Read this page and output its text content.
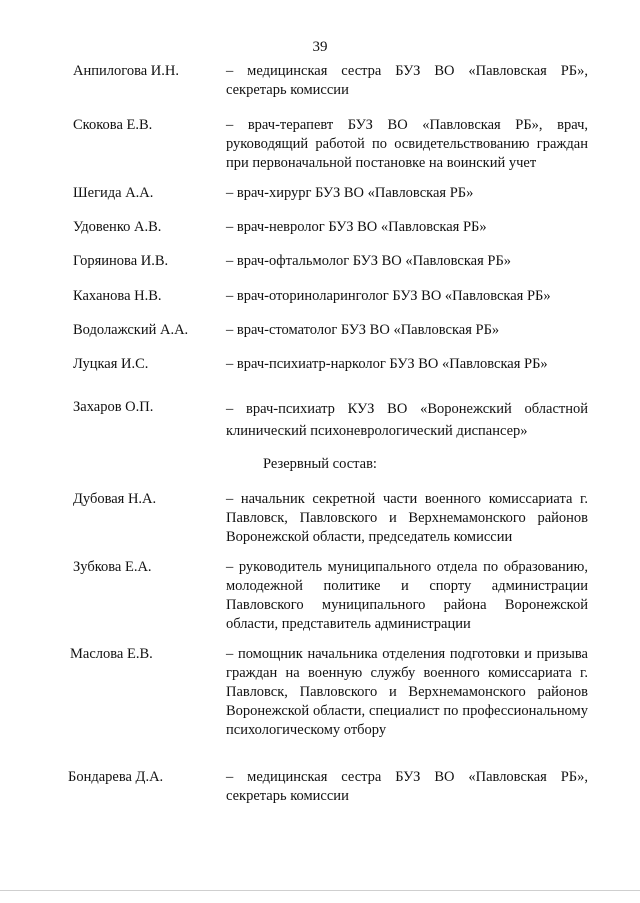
39
Анпилогова И.Н.	– медицинская сестра БУЗ ВО «Павловская РБ», секретарь комиссии
Скокова Е.В.	– врач-терапевт БУЗ ВО «Павловская РБ», врач, руководящий работой по освидетельствованию граждан при первоначальной постановке на воинский учет
Шегида А.А.	– врач-хирург БУЗ ВО «Павловская РБ»
Удовенко А.В.	– врач-невролог БУЗ ВО «Павловская РБ»
Горяинова И.В.	– врач-офтальмолог БУЗ ВО «Павловская РБ»
Каханова Н.В.	– врач-оториноларинголог БУЗ ВО «Павловская РБ»
Водолажский А.А.	– врач-стоматолог БУЗ ВО «Павловская РБ»
Луцкая И.С.	– врач-психиатр-нарколог БУЗ ВО «Павловская РБ»
Захаров О.П.	– врач-психиатр КУЗ ВО «Воронежский областной клинический психоневрологический диспансер»
Резервный состав:
Дубовая Н.А.	– начальник секретной части военного комиссариата г. Павловск, Павловского и Верхнемамонского районов Воронежской области, председатель комиссии
Зубкова Е.А.	– руководитель муниципального отдела по образованию, молодежной политике и спорту администрации Павловского муниципального района Воронежской области, представитель администрации
Маслова Е.В.	– помощник начальника отделения подготовки и призыва граждан на военную службу военного комиссариата г. Павловск, Павловского и Верхнемамонского районов Воронежской области, специалист по профессиональному психологическому отбору
Бондарева Д.А.	– медицинская сестра БУЗ ВО «Павловская РБ», секретарь комиссии
